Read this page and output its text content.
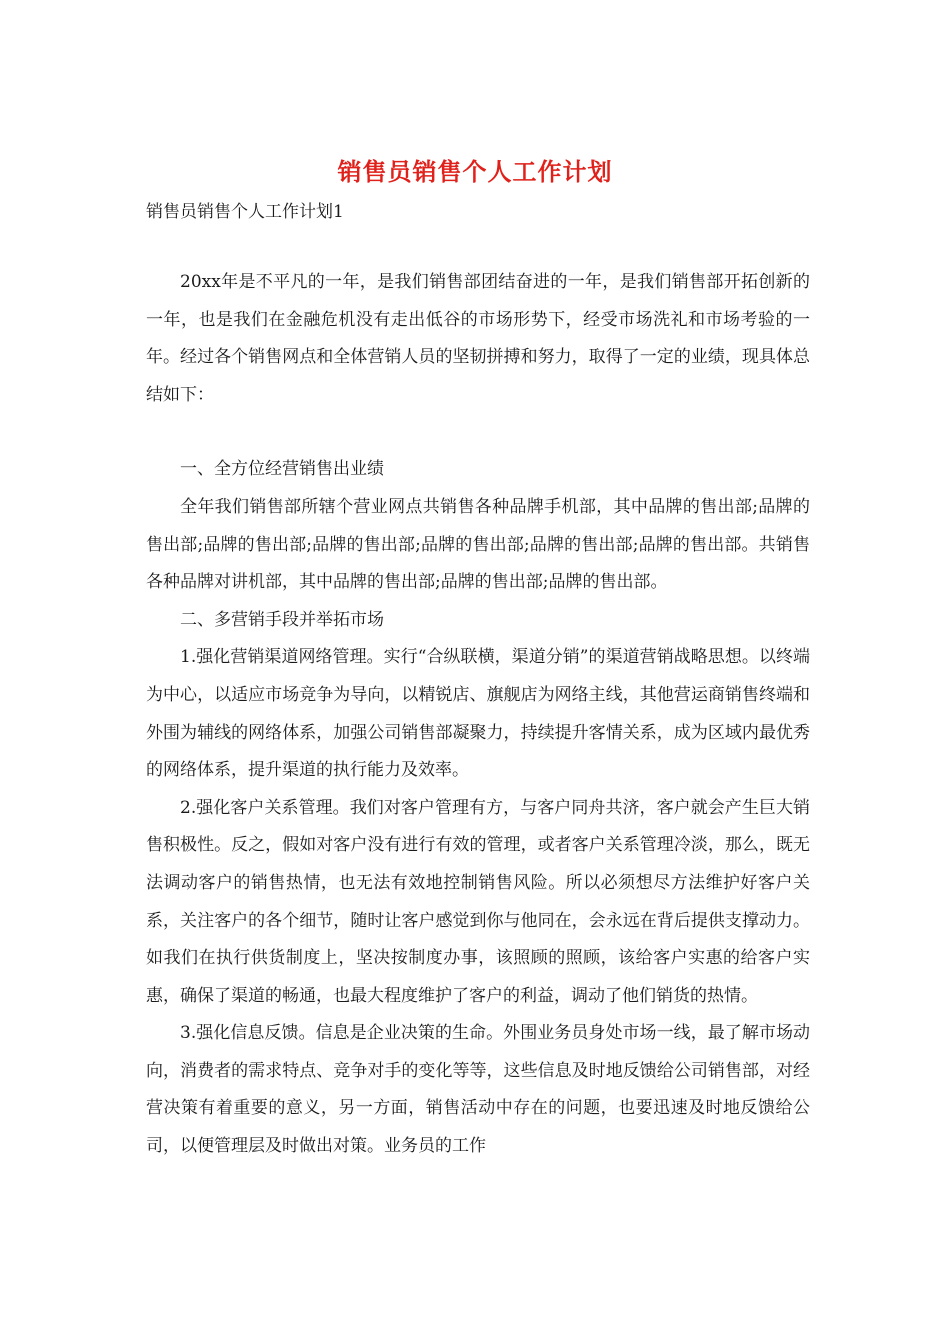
销售员销售个人工作计划
销售员销售个人工作计划1

20xx年是不平凡的一年，是我们销售部团结奋进的一年，是我们销售部开拓创新的一年，也是我们在金融危机没有走出低谷的市场形势下，经受市场洗礼和市场考验的一年。经过各个销售网点和全体营销人员的坚韧拼搏和努力，取得了一定的业绩，现具体总结如下：

一、全方位经营销售出业绩

全年我们销售部所辖个营业网点共销售各种品牌手机部，其中品牌的售出部;品牌的售出部;品牌的售出部;品牌的售出部;品牌的售出部;品牌的售出部;品牌的售出部。共销售各种品牌对讲机部，其中品牌的售出部;品牌的售出部;品牌的售出部。

二、多营销手段并举拓市场

1.强化营销渠道网络管理。实行“合纵联横，渠道分销”的渠道营销战略思想。以终端为中心，以适应市场竞争为导向，以精锐店、旗舰店为网络主线，其他营运商销售终端和外围为辅线的网络体系，加强公司销售部凝聚力，持续提升客情关系，成为区域内最优秀的网络体系，提升渠道的执行能力及效率。

2.强化客户关系管理。我们对客户管理有方，与客户同舟共济，客户就会产生巨大销售积极性。反之，假如对客户没有进行有效的管理，或者客户关系管理冷淡，那么，既无法调动客户的销售热情，也无法有效地控制销售风险。所以必须想尽方法维护好客户关系，关注客户的各个细节，随时让客户感觉到你与他同在，会永远在背后提供支撑动力。如我们在执行供货制度上，坚决按制度办事，该照顾的照顾，该给客户实惠的给客户实惠，确保了渠道的畅通，也最大程度维护了客户的利益，调动了他们销货的热情。

3.强化信息反馈。信息是企业决策的生命。外围业务员身处市场一线，最了解市场动向，消费者的需求特点、竞争对手的变化等等，这些信息及时地反馈给公司销售部，对经营决策有着重要的意义，另一方面，销售活动中存在的问题，也要迅速及时地反馈给公司，以便管理层及时做出对策。业务员的工作
